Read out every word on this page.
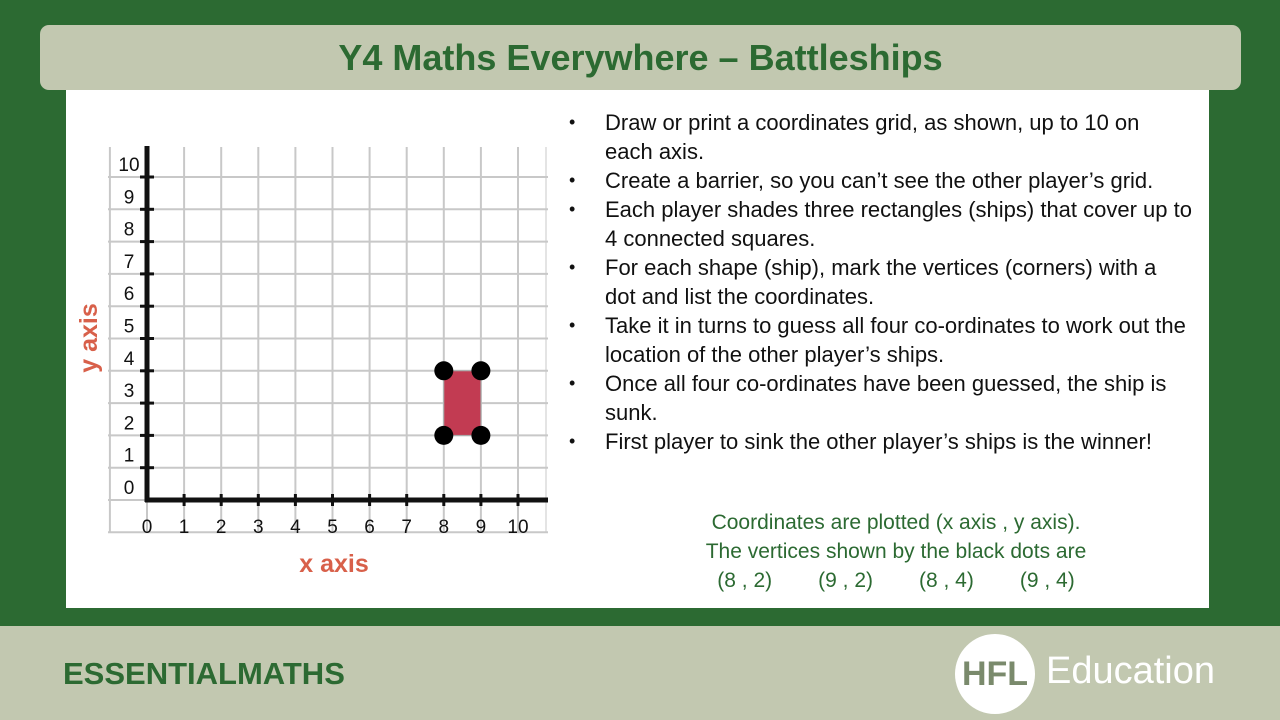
Y4 Maths Everywhere – Battleships
0 1 2 3 4 5 6 7 8 9 10
0
1
2
3
4
5
6
7
8
9
10
x axis
y axis
• Draw or print a coordinates grid, as shown, up to 10 on each axis.
• Create a barrier, so you can’t see the other player’s grid.
• Each player shades three rectangles (ships) that cover up to 4 connected squares.
• For each shape (ship), mark the vertices (corners) with a dot and list the coordinates.
• Take it in turns to guess all four co-ordinates to work out the location of the other player’s ships.
• Once all four co-ordinates have been guessed, the ship is sunk.
• First player to sink the other player’s ships is the winner!
Coordinates are plotted (x axis , y axis).
The vertices shown by the black dots are
(8 , 2) (9 , 2) (8 , 4) (9 , 4)
ESSENTIALMATHS	HFL Education
